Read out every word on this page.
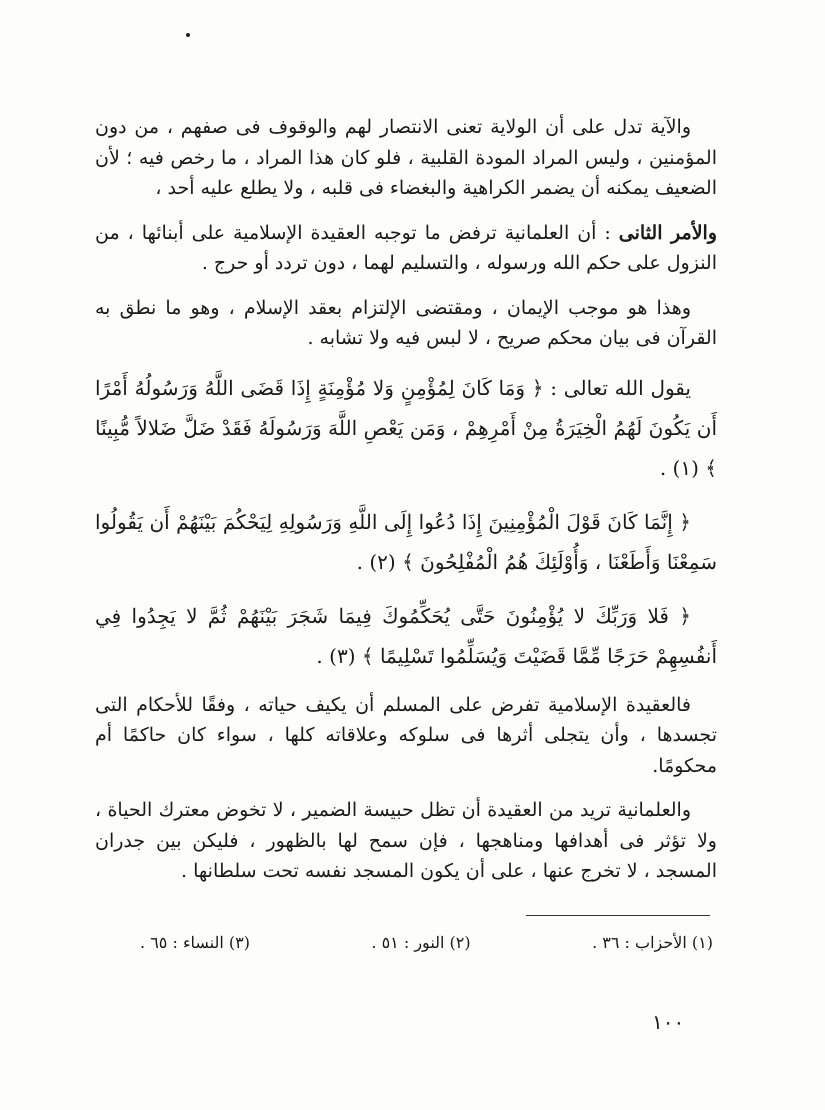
والآية تدل على أن الولاية تعنى الانتصار لهم والوقوف فى صفهم ، من دون المؤمنين ، وليس المراد المودة القلبية ، فلو كان هذا المراد ، ما رخص فيه ؛ لأن الضعيف يمكنه أن يضمر الكراهية والبغضاء فى قلبه ، ولا يطلع عليه أحد ،

والأمر الثانى : أن العلمانية ترفض ما توجبه العقيدة الإسلامية على أبنائها ، من النزول على حكم الله ورسوله ، والتسليم لهما ، دون تردد أو حرج .

وهذا هو موجب الإيمان ، ومقتضى الإلتزام بعقد الإسلام ، وهو ما نطق به القرآن فى بيان محكم صريح ، لا لبس فيه ولا تشابه .

يقول الله تعالى : ﴿ وَمَا كَانَ لِمُؤْمِنٍ وَلا مُؤْمِنَةٍ إِذَا قَضَى اللَّهُ وَرَسُولُهُ أَمْرًا أَن يَكُونَ لَهُمُ الْخِيَرَةُ مِنْ أَمْرِهِمْ ، وَمَن يَعْصِ اللَّهَ وَرَسُولَهُ فَقَدْ ضَلَّ ضَلالاً مُّبِينًا ﴾ (١) .

﴿ إِنَّمَا كَانَ قَوْلَ الْمُؤْمِنِينَ إِذَا دُعُوا إِلَى اللَّهِ وَرَسُولِهِ لِيَحْكُمَ بَيْنَهُمْ أَن يَقُولُوا سَمِعْنَا وَأَطَعْنَا ، وَأُوْلَئِكَ هُمُ الْمُفْلِحُونَ ﴾ (٢) .

﴿ فَلا وَرَبِّكَ لا يُؤْمِنُونَ حَتَّى يُحَكِّمُوكَ فِيمَا شَجَرَ بَيْنَهُمْ ثُمَّ لا يَجِدُوا فِي أَنفُسِهِمْ حَرَجًا مِّمَّا قَضَيْتَ وَيُسَلِّمُوا تَسْلِيمًا ﴾ (٣) .

فالعقيدة الإسلامية تفرض على المسلم أن يكيف حياته ، وفقًا للأحكام التى تجسدها ، وأن يتجلى أثرها فى سلوكه وعلاقاته كلها ، سواء كان حاكمًا أم محكومًا.

والعلمانية تريد من العقيدة أن تظل حبيسة الضمير ، لا تخوض معترك الحياة ، ولا تؤثر فى أهدافها ومناهجها ، فإن سمح لها بالظهور ، فليكن بين جدران المسجد ، لا تخرج عنها ، على أن يكون المسجد نفسه تحت سلطانها .

(١) الأحزاب : ٣٦ .
(٢) النور : ٥١ .
(٣) النساء : ٦٥ .
١٠٠
